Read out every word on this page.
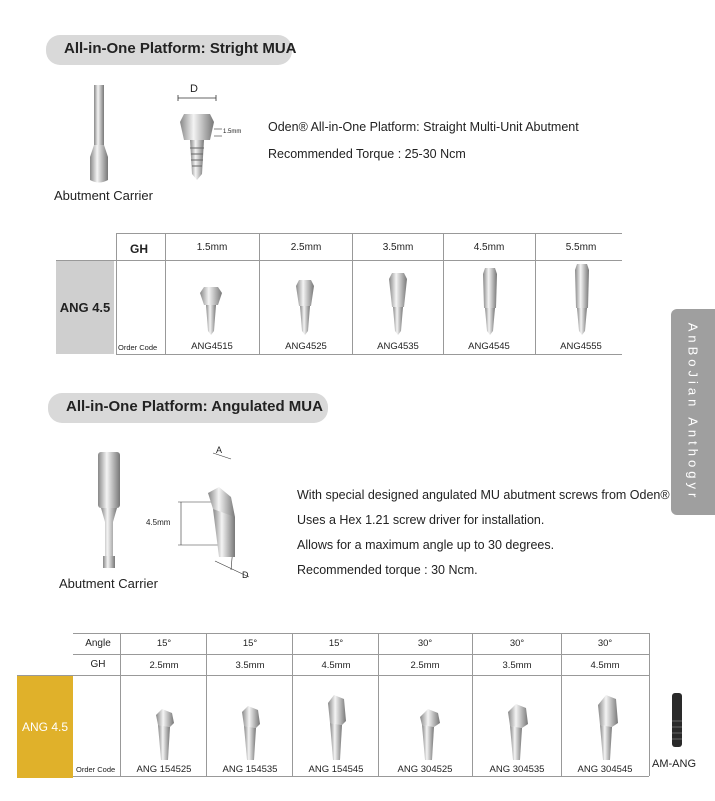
All-in-One Platform: Stright MUA
Abutment Carrier
D
1.5mm Oden® All-in-One Platform: Straight Multi-Unit Abutment
Recommended Torque : 25-30 Ncm
ANG 4.5
GH
Order Code
1.5mm	2.5mm	3.5mm	4.5mm	5.5mm
ANG4515	ANG4525	ANG4535	ANG4545	ANG4555	AnBoJian Anthogyr
All-in-One Platform: Angulated MUA
Abutment Carrier
A
4.5mm
D
With special designed angulated MU abutment screws from Oden®
Uses a Hex 1.21 screw driver for installation.
Allows for a maximum angle up to 30 degrees.
Recommended torque : 30 Ncm.
ANG 4.5
Angle
GH
Order Code
15°	15°	15°	30°	30°	30°
2.5mm	3.5mm	4.5mm	2.5mm	3.5mm	4.5mm
ANG 154525	ANG 154535	ANG 154545	ANG 304525	ANG 304535	ANG 304545	AM-ANG
